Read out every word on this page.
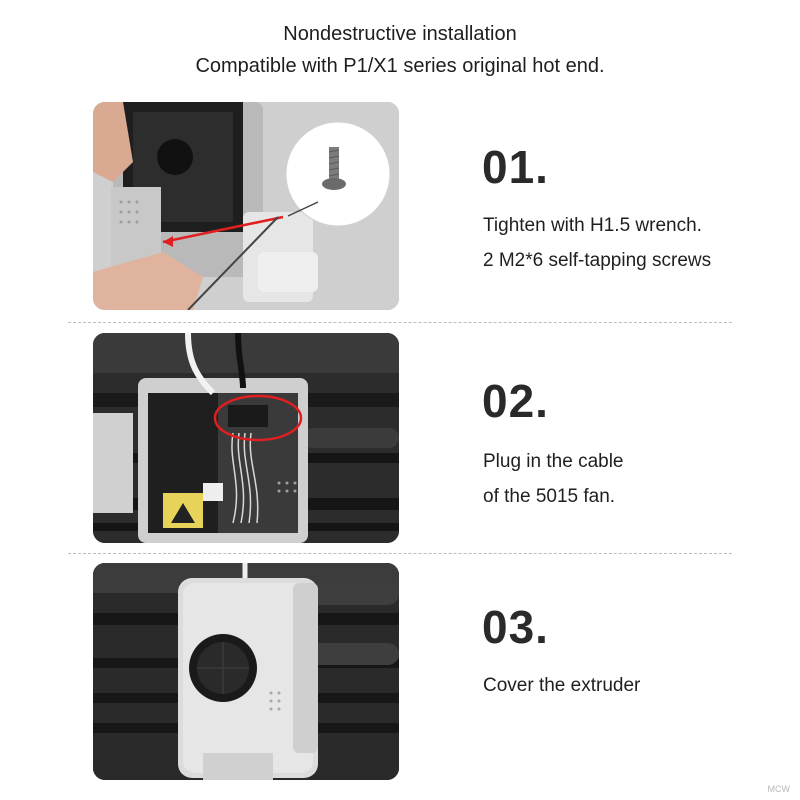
Nondestructive installation
Compatible with P1/X1 series original hot end.
01.
Tighten with H1.5 wrench.
2 M2*6 self-tapping screws
02.
Plug in the cable
of the 5015 fan.
03.
Cover the extruder
MCW
